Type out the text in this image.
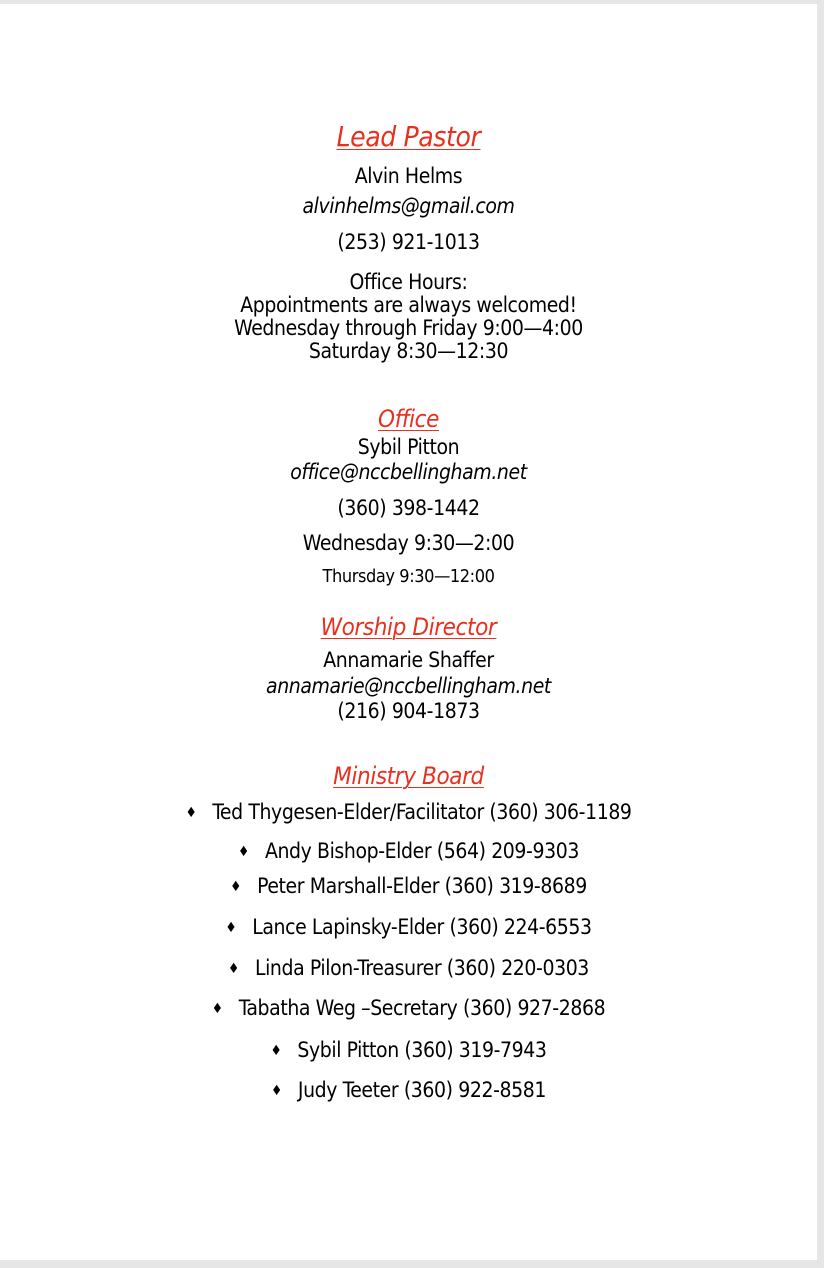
Lead Pastor
Alvin Helms
alvinhelms@gmail.com
(253) 921-1013
Office Hours:
Appointments are always welcomed!
Wednesday through Friday 9:00—4:00
Saturday 8:30—12:30
Office
Sybil Pitton
office@nccbellingham.net
(360) 398-1442
Wednesday 9:30—2:00
Thursday 9:30—12:00
Worship Director
Annamarie Shaffer
annamarie@nccbellingham.net
(216) 904-1873
Ministry Board
♦ Ted Thygesen-Elder/Facilitator (360) 306-1189
♦ Andy Bishop-Elder (564) 209-9303
♦ Peter Marshall-Elder (360) 319-8689
♦ Lance Lapinsky-Elder (360) 224-6553
♦ Linda Pilon-Treasurer (360) 220-0303
♦ Tabatha Weg –Secretary (360) 927-2868
♦ Sybil Pitton (360) 319-7943
♦ Judy Teeter (360) 922-8581
